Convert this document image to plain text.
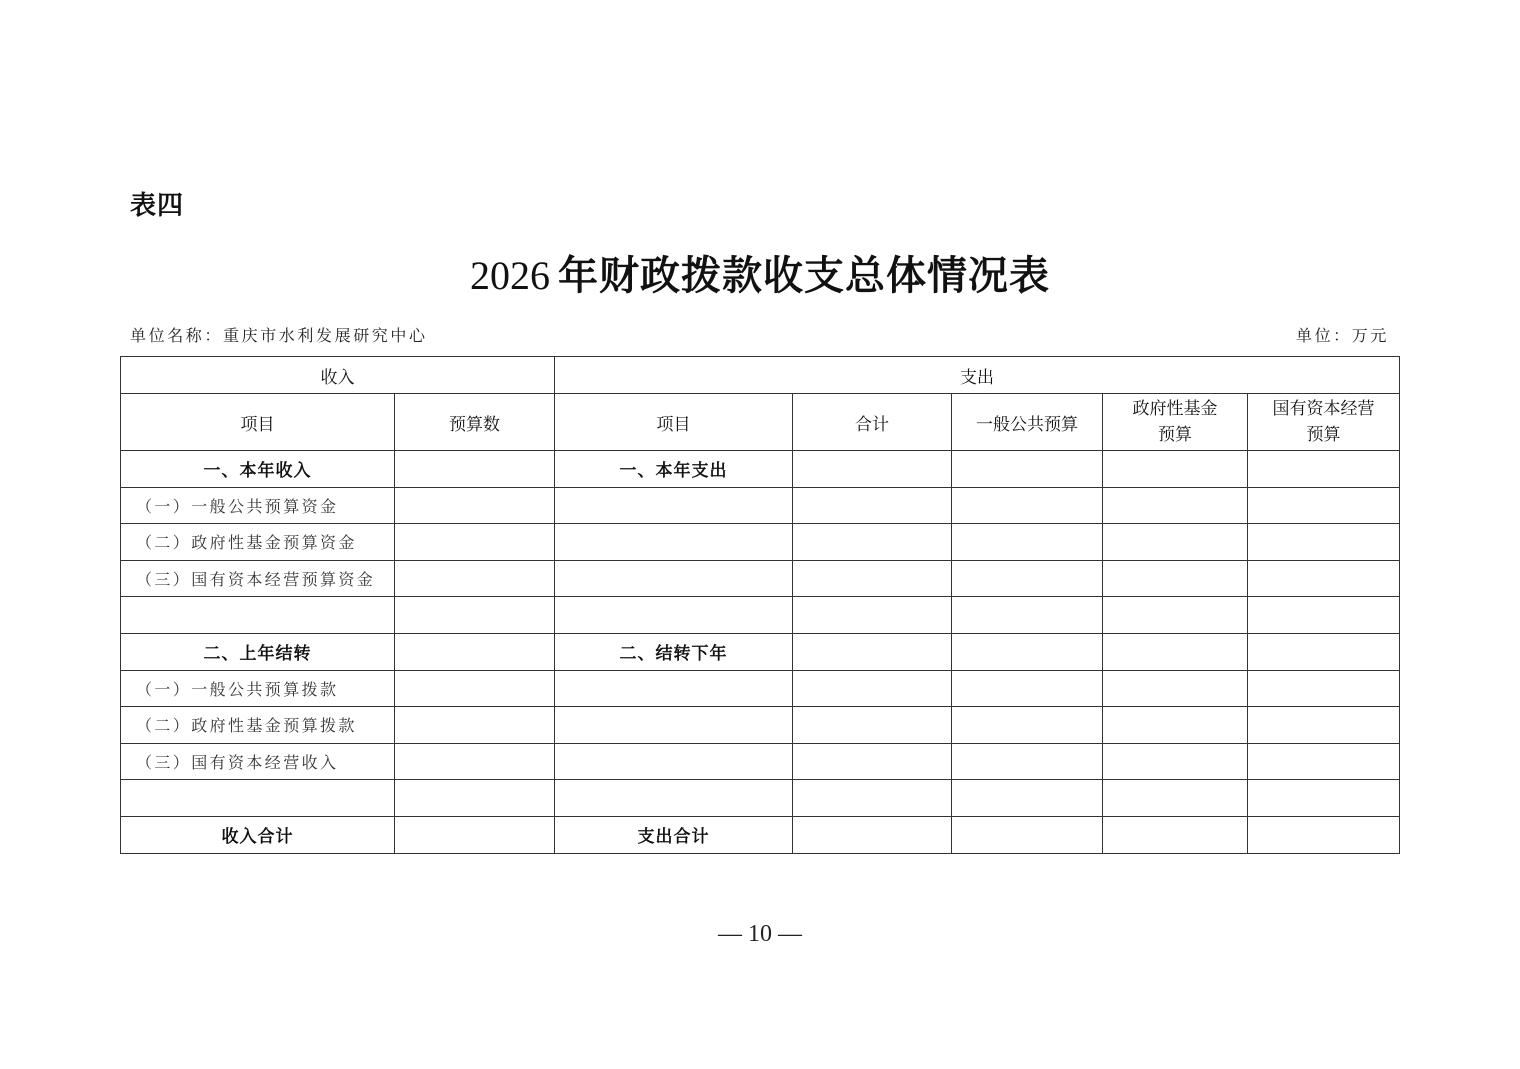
表四
2026 年财政拨款收支总体情况表
单位名称：重庆市水利发展研究中心	单位：万元
收入		支出				
项目	预算数	项目	合计	一般公共预算	政府性基金预算	国有资本经营预算
一、本年收入		一、本年支出				
（一）一般公共预算资金						
（二）政府性基金预算资金						
（三）国有资本经营预算资金						

二、上年结转		二、结转下年				
（一）一般公共预算拨款						
（二）政府性基金预算拨款						
（三）国有资本经营收入						

收入合计		支出合计				
— 10 —
